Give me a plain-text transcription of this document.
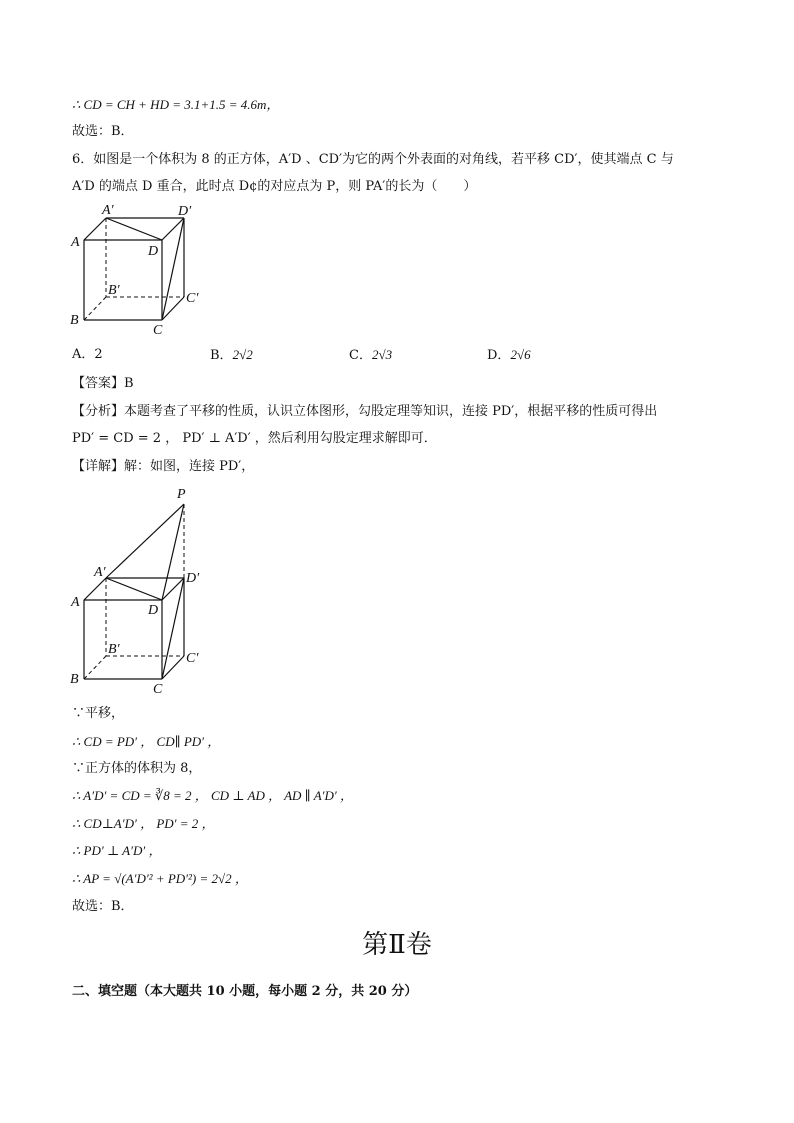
∴ CD = CH + HD = 3.1+1.5 = 4.6m，
故选：B．
6．如图是一个体积为 8 的正方体，A′D 、CD′为它的两个外表面的对角线，若平移 CD′，使其端点 C 与
A′D 的端点 D 重合，此时点 D¢的对应点为 P，则 PA′的长为（　　）
A′	D′
A
D
B′
C′
B
C
A．2	B．2√2	C．2√3	D．2√6
【答案】B
【分析】本题考查了平移的性质，认识立体图形，勾股定理等知识，连接 PD′，根据平移的性质可得出
PD′ = CD = 2 ， PD′ ⊥ A′D′ ，然后利用勾股定理求解即可．
【详解】解：如图，连接 PD′，
P
A′	D′
A
D
B′
C′
B
C
∵平移，
∴ CD = PD′ ， CD∥ PD′ ，
∵正方体的体积为 8，
∴ A′D′ = CD = ∛8 = 2 ， CD ⊥ AD ， AD ∥ A′D′ ，
∴ CD⊥A′D′ ， PD′ = 2 ，
∴ PD′ ⊥ A′D′ ，
∴ AP = √(A′D′² + PD′²) = 2√2 ，
故选：B．
第Ⅱ卷
二、填空题（本大题共 10 小题，每小题 2 分，共 20 分）
